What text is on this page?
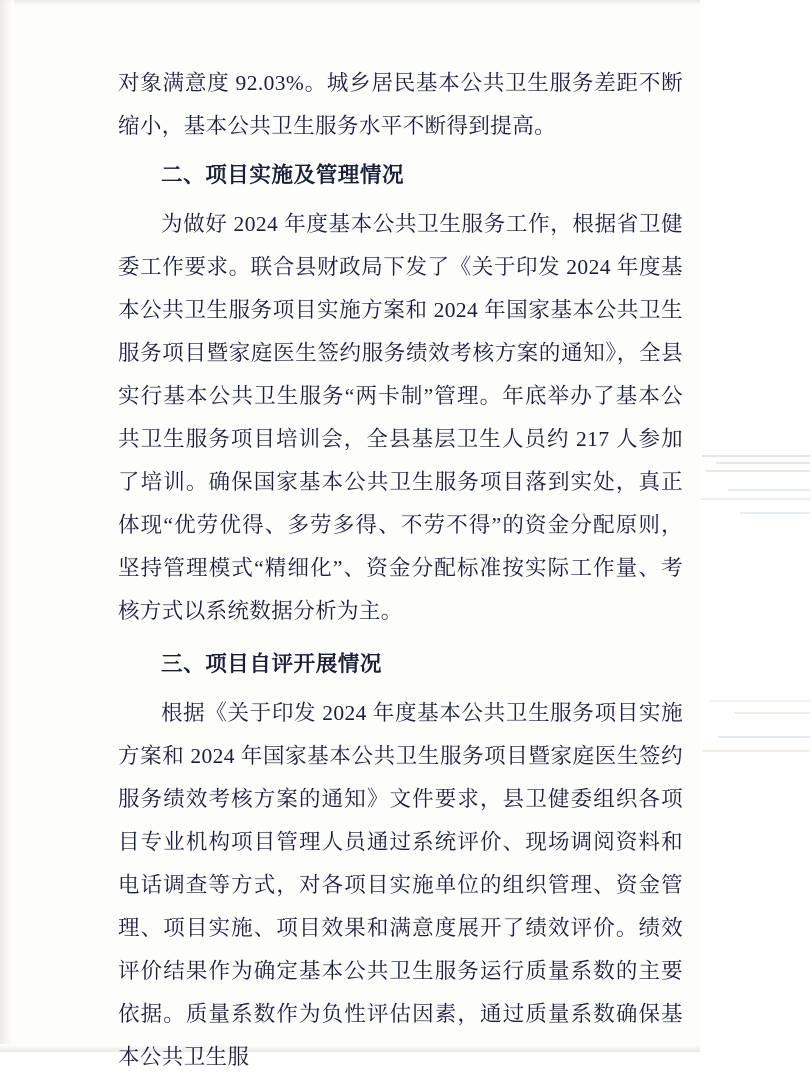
对象满意度 92.03%。城乡居民基本公共卫生服务差距不断缩小，基本公共卫生服务水平不断得到提高。

二、项目实施及管理情况

为做好 2024 年度基本公共卫生服务工作，根据省卫健委工作要求。联合县财政局下发了《关于印发 2024 年度基本公共卫生服务项目实施方案和 2024 年国家基本公共卫生服务项目暨家庭医生签约服务绩效考核方案的通知》，全县实行基本公共卫生服务“两卡制”管理。年底举办了基本公共卫生服务项目培训会，全县基层卫生人员约 217 人参加了培训。确保国家基本公共卫生服务项目落到实处，真正体现“优劳优得、多劳多得、不劳不得”的资金分配原则，坚持管理模式“精细化”、资金分配标准按实际工作量、考核方式以系统数据分析为主。

三、项目自评开展情况

根据《关于印发 2024 年度基本公共卫生服务项目实施方案和 2024 年国家基本公共卫生服务项目暨家庭医生签约服务绩效考核方案的通知》文件要求，县卫健委组织各项目专业机构项目管理人员通过系统评价、现场调阅资料和电话调查等方式，对各项目实施单位的组织管理、资金管理、项目实施、项目效果和满意度展开了绩效评价。绩效评价结果作为确定基本公共卫生服务运行质量系数的主要依据。质量系数作为负性评估因素，通过质量系数确保基本公共卫生服
